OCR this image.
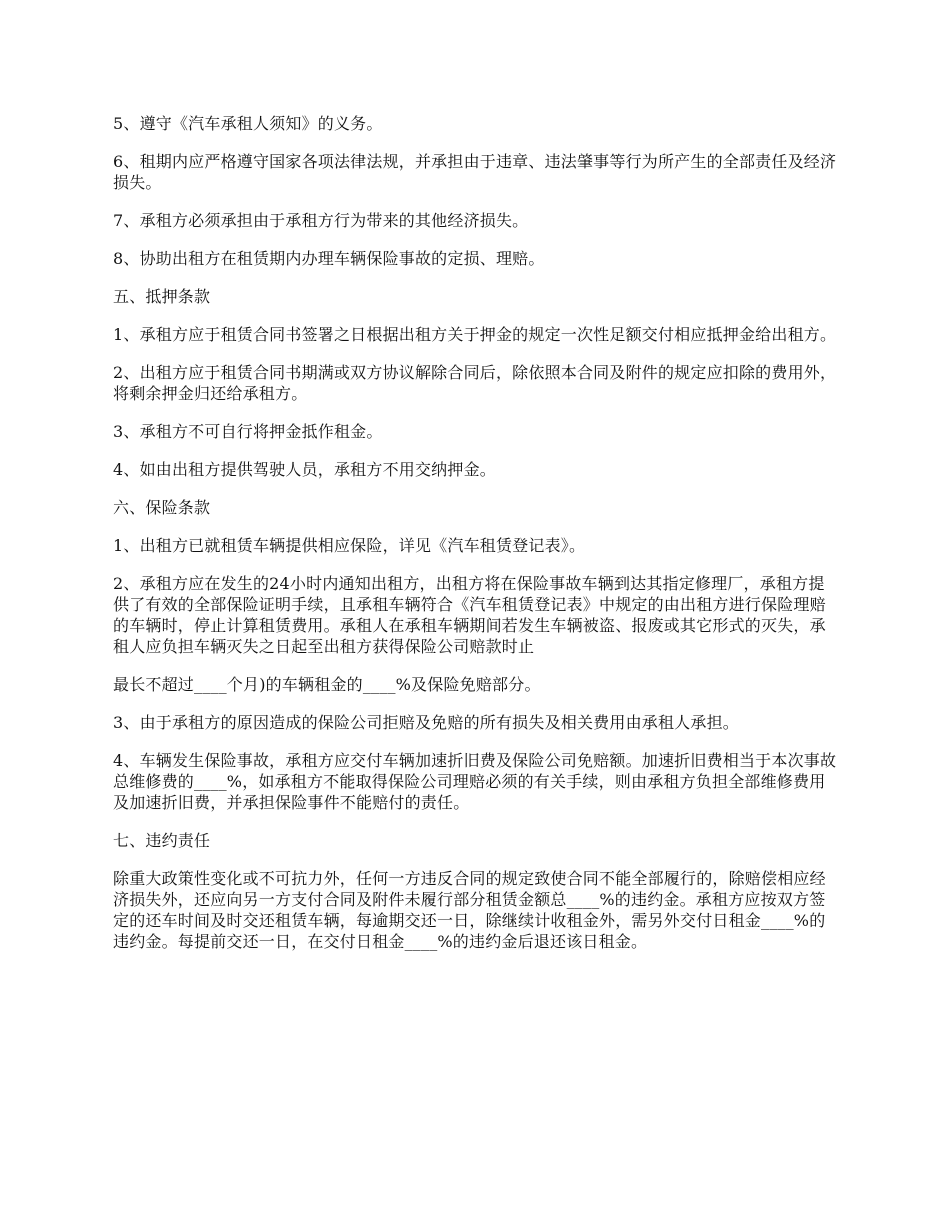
5、遵守《汽车承租人须知》的义务。

6、租期内应严格遵守国家各项法律法规，并承担由于违章、违法肇事等行为所产生的全部责任及经济损失。

7、承租方必须承担由于承租方行为带来的其他经济损失。

8、协助出租方在租赁期内办理车辆保险事故的定损、理赔。

五、抵押条款

1、承租方应于租赁合同书签署之日根据出租方关于押金的规定一次性足额交付相应抵押金给出租方。

2、出租方应于租赁合同书期满或双方协议解除合同后，除依照本合同及附件的规定应扣除的费用外，将剩余押金归还给承租方。

3、承租方不可自行将押金抵作租金。

4、如由出租方提供驾驶人员，承租方不用交纳押金。

六、保险条款

1、出租方已就租赁车辆提供相应保险，详见《汽车租赁登记表》。

2、承租方应在发生的24小时内通知出租方，出租方将在保险事故车辆到达其指定修理厂，承租方提供了有效的全部保险证明手续，且承租车辆符合《汽车租赁登记表》中规定的由出租方进行保险理赔的车辆时，停止计算租赁费用。承租人在承租车辆期间若发生车辆被盗、报废或其它形式的灭失，承租人应负担车辆灭失之日起至出租方获得保险公司赔款时止

最长不超过____个月)的车辆租金的____%及保险免赔部分。

3、由于承租方的原因造成的保险公司拒赔及免赔的所有损失及相关费用由承租人承担。

4、车辆发生保险事故，承租方应交付车辆加速折旧费及保险公司免赔额。加速折旧费相当于本次事故总维修费的____%，如承租方不能取得保险公司理赔必须的有关手续，则由承租方负担全部维修费用及加速折旧费，并承担保险事件不能赔付的责任。

七、违约责任

除重大政策性变化或不可抗力外，任何一方违反合同的规定致使合同不能全部履行的，除赔偿相应经济损失外，还应向另一方支付合同及附件未履行部分租赁金额总____%的违约金。承租方应按双方签定的还车时间及时交还租赁车辆，每逾期交还一日，除继续计收租金外，需另外交付日租金____%的违约金。每提前交还一日，在交付日租金____%的违约金后退还该日租金。
